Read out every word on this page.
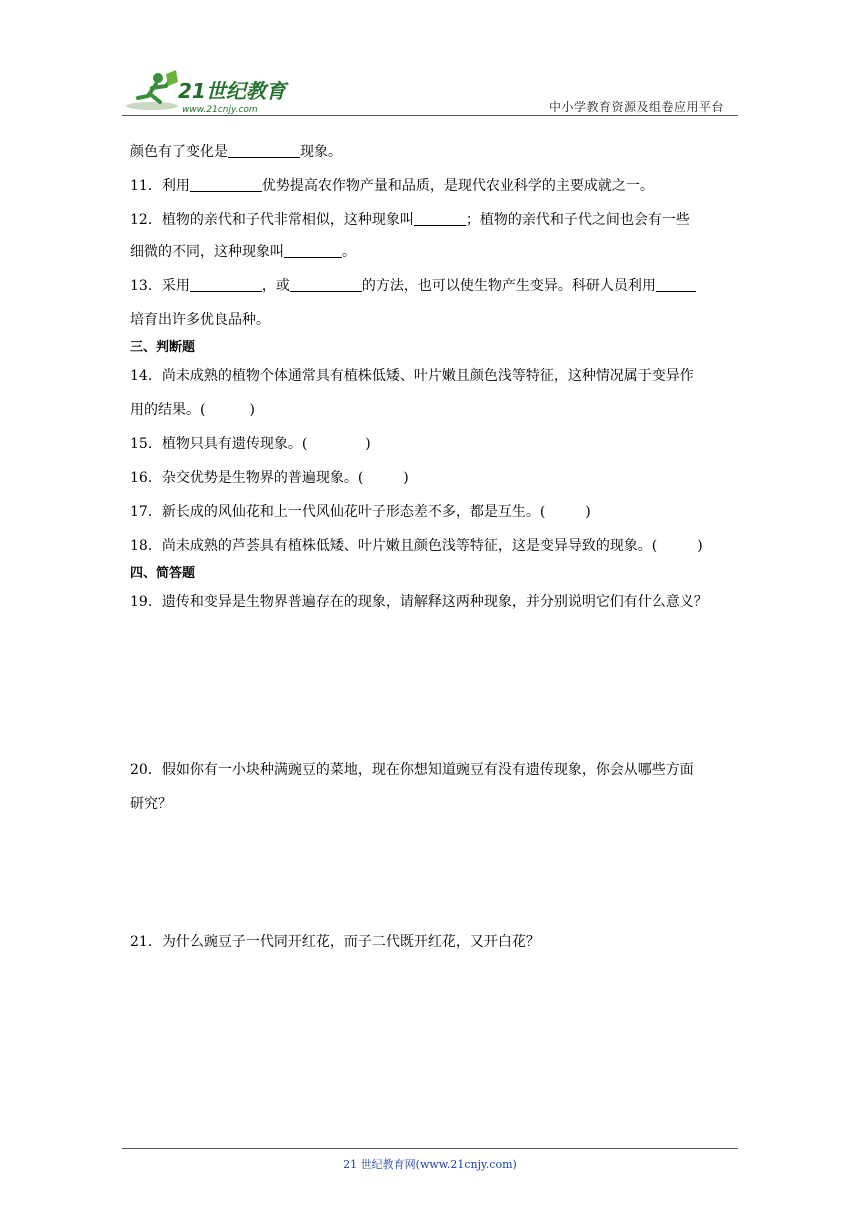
21世纪教育
www.21cnjy.com	中小学教育资源及组卷应用平台
颜色有了变化是	现象。
11．利用	优势提高农作物产量和品质，是现代农业科学的主要成就之一。
12．植物的亲代和子代非常相似，这种现象叫	；植物的亲代和子代之间也会有一些
细微的不同，这种现象叫	。
13．采用	，或	的方法，也可以使生物产生变异。科研人员利用
培育出许多优良品种。
三、判断题
14．尚未成熟的植物个体通常具有植株低矮、叶片嫩且颜色浅等特征，这种情况属于变异作
用的结果。(	)
15．植物只具有遗传现象。(	)
16．杂交优势是生物界的普遍现象。(	)
17．新长成的风仙花和上一代风仙花叶子形态差不多，都是互生。(	)
18．尚未成熟的芦荟具有植株低矮、叶片嫩且颜色浅等特征，这是变异导致的现象。(	)
四、简答题
19．遗传和变异是生物界普遍存在的现象，请解释这两种现象，并分别说明它们有什么意义？
20．假如你有一小块种满豌豆的菜地，现在你想知道豌豆有没有遗传现象，你会从哪些方面
研究？
21．为什么豌豆子一代同开红花，而子二代既开红花，又开白花？
21 世纪教育网(www.21cnjy.com)
